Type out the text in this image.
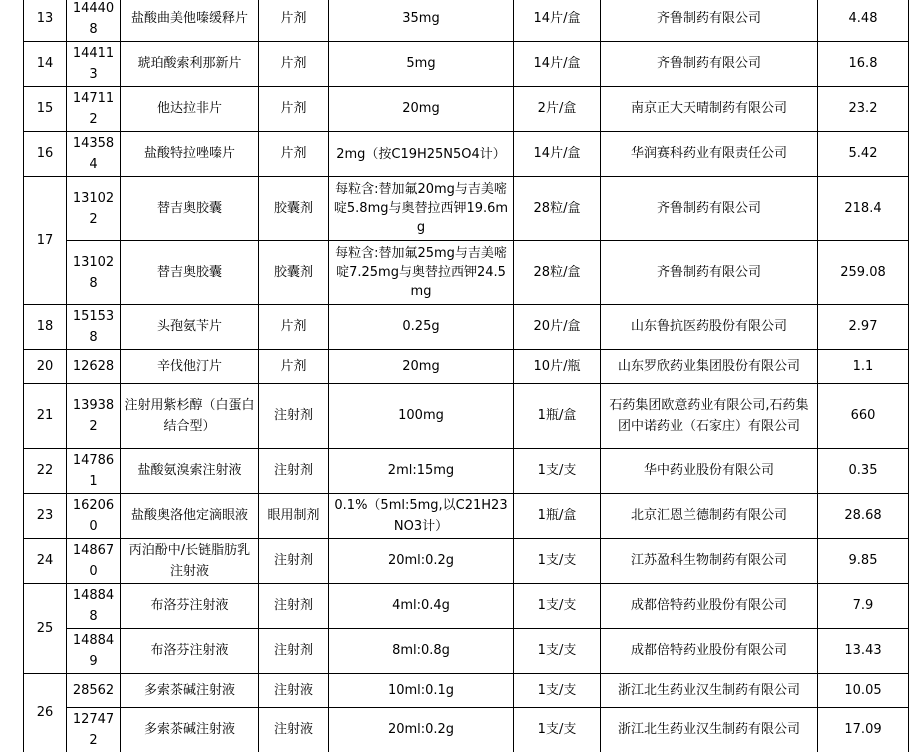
13	144408	盐酸曲美他嗪缓释片	片剂	35mg	14片/盒	齐鲁制药有限公司	4.48
14	144113	琥珀酸索利那新片	片剂	5mg	14片/盒	齐鲁制药有限公司	16.8
15	147112	他达拉非片	片剂	20mg	2片/盒	南京正大天晴制药有限公司	23.2
16	143584	盐酸特拉唑嗪片	片剂	2mg（按C19H25N5O4计）	14片/盒	华润赛科药业有限责任公司	5.42
17	131022	替吉奥胶囊	胶囊剂	每粒含:替加氟20mg与吉美嘧啶5.8mg与奥替拉西钾19.6mg	28粒/盒	齐鲁制药有限公司	218.4
	131028	替吉奥胶囊	胶囊剂	每粒含:替加氟25mg与吉美嘧啶7.25mg与奥替拉西钾24.5mg	28粒/盒	齐鲁制药有限公司	259.08
18	151538	头孢氨苄片	片剂	0.25g	20片/盒	山东鲁抗医药股份有限公司	2.97
20	12628	辛伐他汀片	片剂	20mg	10片/瓶	山东罗欣药业集团股份有限公司	1.1
21	139382	注射用紫杉醇（白蛋白结合型）	注射剂	100mg	1瓶/盒	石药集团欧意药业有限公司,石药集团中诺药业（石家庄）有限公司	660
22	147861	盐酸氨溴索注射液	注射剂	2ml:15mg	1支/支	华中药业股份有限公司	0.35
23	162060	盐酸奥洛他定滴眼液	眼用制剂	0.1%（5ml:5mg,以C21H23NO3计）	1瓶/盒	北京汇恩兰德制药有限公司	28.68
24	148670	丙泊酚中/长链脂肪乳注射液	注射剂	20ml:0.2g	1支/支	江苏盈科生物制药有限公司	9.85
25	148848	布洛芬注射液	注射剂	4ml:0.4g	1支/支	成都倍特药业股份有限公司	7.9
	148849	布洛芬注射液	注射剂	8ml:0.8g	1支/支	成都倍特药业股份有限公司	13.43
26	28562	多索茶碱注射液	注射液	10ml:0.1g	1支/支	浙江北生药业汉生制药有限公司	10.05
	127472	多索茶碱注射液	注射液	20ml:0.2g	1支/支	浙江北生药业汉生制药有限公司	17.09
